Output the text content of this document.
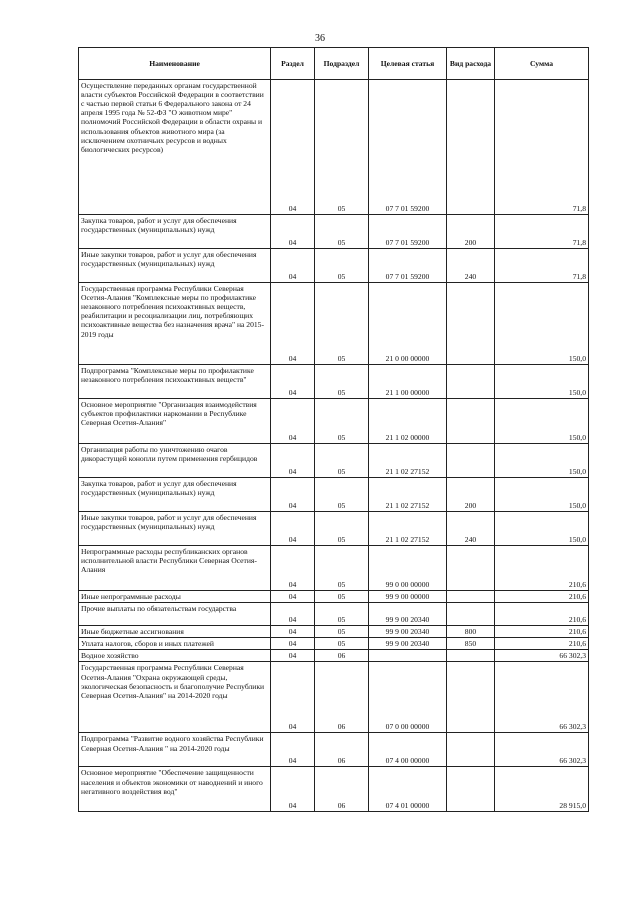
36
Наименование	Раздел	Подраздел	Целевая статья	Вид расхода	Сумма
Осуществление переданных органам государственной власти субъектов Российской Федерации в соответствии с частью первой статьи 6 Федерального закона от 24 апреля 1995 года № 52-ФЗ "О животном мире" полномочий Российской Федерации в области охраны и использования объектов животного мира (за исключением охотничьих ресурсов и водных биологических ресурсов)	04	05	07 7 01 59200		71,8
Закупка товаров, работ и услуг для обеспечения государственных (муниципальных) нужд	04	05	07 7 01 59200	200	71,8
Иные закупки товаров, работ и услуг для обеспечения государственных (муниципальных) нужд	04	05	07 7 01 59200	240	71,8
Государственная программа Республики Северная Осетия-Алания "Комплексные меры по профилактике незаконного потребления психоактивных веществ, реабилитации и ресоциализации лиц, потребляющих психоактивные вещества без назначения врача" на 2015-2019 годы	04	05	21 0 00 00000		150,0
Подпрограмма "Комплексные меры по профилактике незаконного потребления психоактивных веществ"	04	05	21 1 00 00000		150,0
Основное мероприятие "Организация взаимодействия субъектов профилактики наркомании в Республике Северная Осетия-Алания"	04	05	21 1 02 00000		150,0
Организация работы по уничтожению очагов дикорастущей конопли путем применения гербицидов	04	05	21 1 02 27152		150,0
Закупка товаров, работ и услуг для обеспечения государственных (муниципальных) нужд	04	05	21 1 02 27152	200	150,0
Иные закупки товаров, работ и услуг для обеспечения государственных (муниципальных) нужд	04	05	21 1 02 27152	240	150,0
Непрограммные расходы республиканских органов исполнительной власти Республики Северная Осетия-Алания	04	05	99 0 00 00000		210,6
Иные непрограммные расходы	04	05	99 9 00 00000		210,6
Прочие выплаты по обязательствам государства	04	05	99 9 00 20340		210,6
Иные бюджетные ассигнования	04	05	99 9 00 20340	800	210,6
Уплата налогов, сборов и иных платежей	04	05	99 9 00 20340	850	210,6
Водное хозяйство	04	06			66 302,3
Государственная программа Республики Северная Осетия-Алания "Охрана окружающей среды, экологическая безопасность и благополучие Республики Северная Осетия-Алания" на 2014-2020 годы	04	06	07 0 00 00000		66 302,3
Подпрограмма "Развитие водного хозяйства Республики Северная Осетия-Алания " на 2014-2020 годы	04	06	07 4 00 00000		66 302,3
Основное мероприятие "Обеспечение защищенности населения и объектов экономики от наводнений и иного негативного воздействия вод"	04	06	07 4 01 00000		28 915,0
